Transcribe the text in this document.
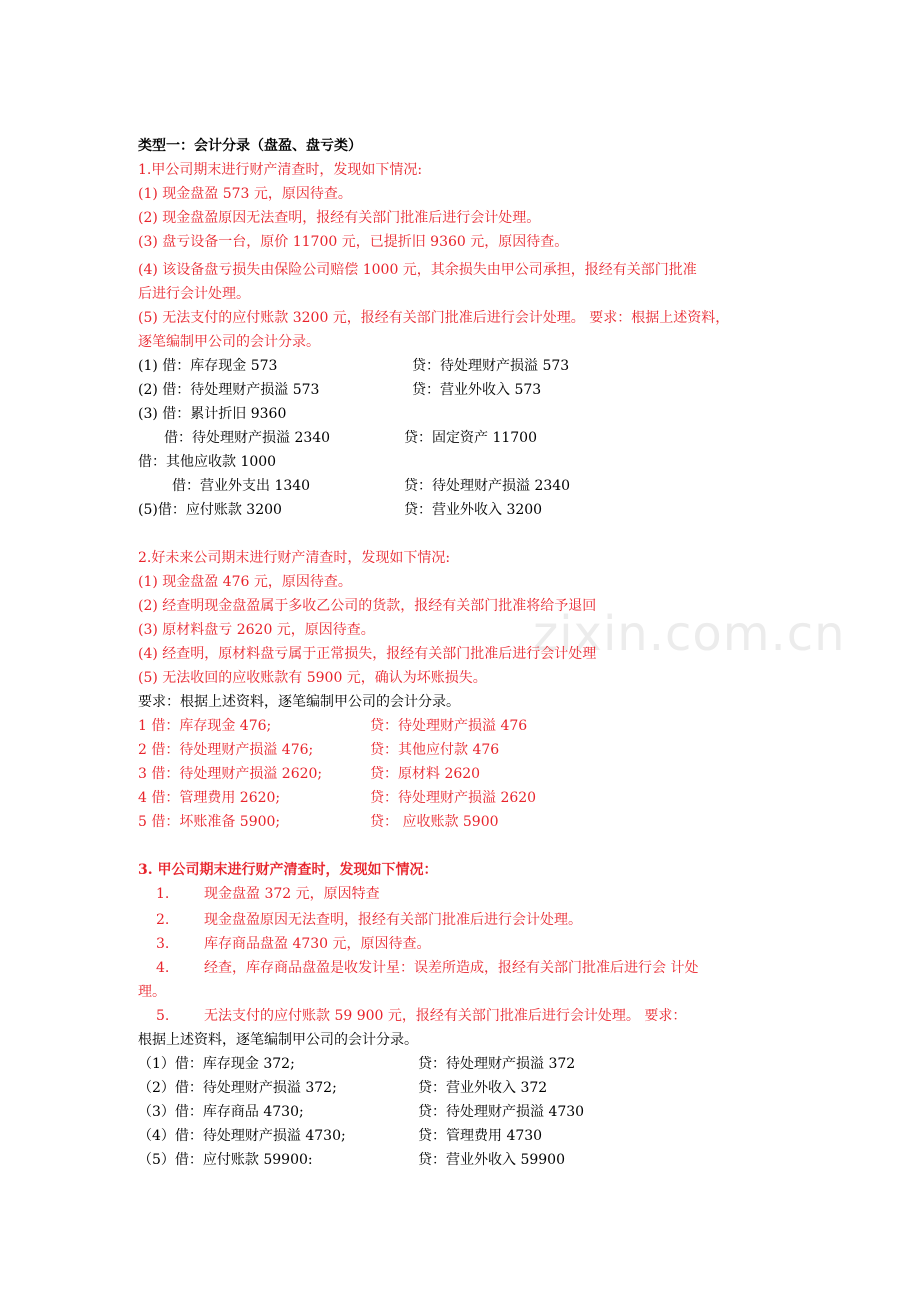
zixin.com.cn
类型一：会计分录（盘盈、盘亏类）
1.甲公司期末进行财产清查时，发现如下情况:
(1) 现金盘盈 573 元，原因待查。
(2) 现金盘盈原因无法查明，报经有关部门批准后进行会计处理。
(3) 盘亏设备一台，原价 11700 元，已提折旧 9360 元，原因待查。
(4) 该设备盘亏损失由保险公司赔偿 1000 元，其余损失由甲公司承担，报经有关部门批准
后进行会计处理。
(5) 无法支付的应付账款 3200 元，报经有关部门批准后进行会计处理。 要求：根据上述资料，
逐笔编制甲公司的会计分录。
(1) 借：库存现金 573	贷：待处理财产损溢 573
(2) 借：待处理财产损溢 573	贷：营业外收入 573
(3) 借：累计折旧 9360
借：待处理财产损溢 2340	贷：固定资产 11700
借：其他应收款 1000
借：营业外支出 1340	贷：待处理财产损溢 2340
(5)借：应付账款 3200	贷：营业外收入 3200
2.好未来公司期末进行财产清查时，发现如下情况:
(1) 现金盘盈 476 元，原因待查。
(2) 经查明现金盘盈属于多收乙公司的货款，报经有关部门批准将给予退回
(3) 原材料盘亏 2620 元，原因待查。
(4) 经查明，原材料盘亏属于正常损失，报经有关部门批准后进行会计处理
(5) 无法收回的应收账款有 5900 元，确认为坏账损失。
要求：根据上述资料，逐笔编制甲公司的会计分录。
1 借：库存现金 476;	贷：待处理财产损溢 476
2 借：待处理财产损溢 476;	贷：其他应付款 476
3 借：待处理财产损溢 2620;	贷：原材料 2620
4 借：管理费用 2620;	贷：待处理财产损溢 2620
5 借：坏账准备 5900;	贷： 应收账款 5900
3. 甲公司期末进行财产清查时，发现如下情况：
1. 现金盘盈 372 元，原因特查
2. 现金盘盈原因无法查明，报经有关部门批准后进行会计处理。
3. 库存商品盘盈 4730 元，原因待查。
4. 经查，库存商品盘盈是收发计星：误差所造成，报经有关部门批准后进行会 计处
理。
5. 无法支付的应付账款 59 900 元，报经有关部门批准后进行会计处理。 要求：
根据上述资料，逐笔编制甲公司的会计分录。
（1）借：库存现金 372;	贷：待处理财产损溢 372
（2）借：待处理财产损溢 372;	贷：营业外收入 372
（3）借：库存商品 4730;	贷：待处理财产损溢 4730
（4）借：待处理财产损溢 4730;	贷：管理费用 4730
（5）借：应付账款 59900:	贷：营业外收入 59900
